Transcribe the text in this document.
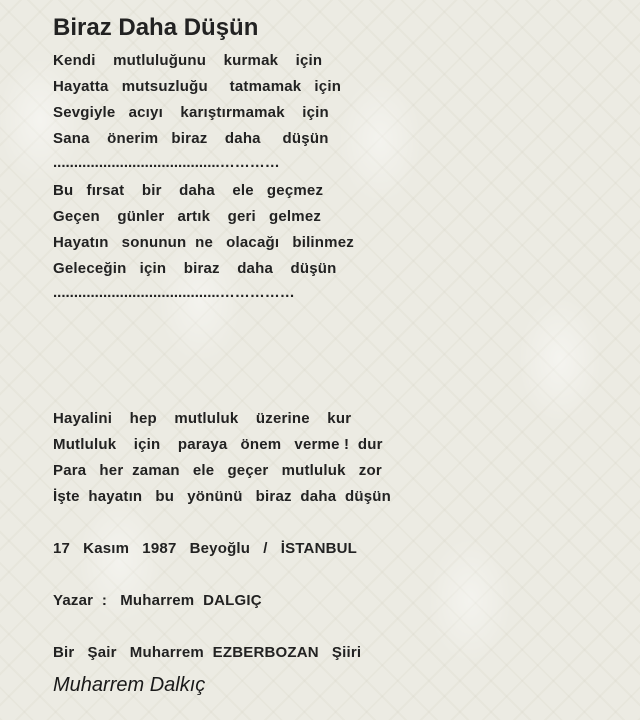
Biraz Daha Düşün
Kendi    mutluluğunu    kurmak    için
Hayatta   mutsuzluğu     tatmamak   için
Sevgiyle   acıyı    karıştırmamak    için
Sana    önerim   biraz    daha     düşün
........................................…………
Bu   fırsat    bir    daha    ele   geçmez
Geçen    günler   artık    geri   gelmez
Hayatın   sonunun  ne   olacağı   bilinmez
Geleceğin   için    biraz    daha    düşün
........................................……………
Hayalini    hep    mutluluk    üzerine    kur
Mutluluk    için    paraya   önem   verme !  dur
Para   her  zaman   ele   geçer   mutluluk   zor
İşte  hayatın   bu   yönünü   biraz  daha  düşün
17   Kasım   1987   Beyoğlu   /   İSTANBUL
Yazar  :   Muharrem  DALGIÇ
Bir   Şair   Muharrem  EZBERBOZAN   Şiiri
Muharrem Dalkıç
